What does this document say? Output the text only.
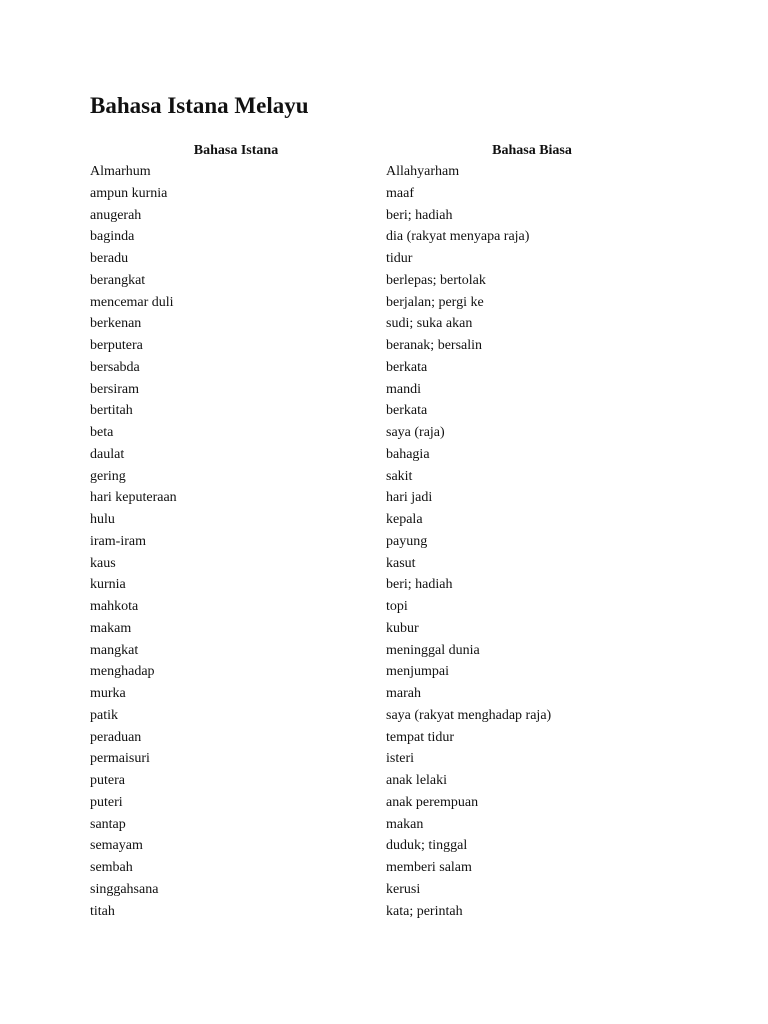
Bahasa Istana Melayu
Bahasa Istana	Bahasa Biasa
Almarhum
ampun kurnia
anugerah
baginda
beradu
berangkat
mencemar duli
berkenan
berputera
bersabda
bersiram
bertitah
beta
daulat
gering
hari keputeraan
hulu
iram-iram
kaus
kurnia
mahkota
makam
mangkat
menghadap
murka
patik
peraduan
permaisuri
putera
puteri
santap
semayam
sembah
singgahsana
titah
Allahyarham
maaf
beri; hadiah
dia (rakyat menyapa raja)
tidur
berlepas; bertolak
berjalan; pergi ke
sudi; suka akan
beranak; bersalin
berkata
mandi
berkata
saya (raja)
bahagia
sakit
hari jadi
kepala
payung
kasut
beri; hadiah
topi
kubur
meninggal dunia
menjumpai
marah
saya (rakyat menghadap raja)
tempat tidur
isteri
anak lelaki
anak perempuan
makan
duduk; tinggal
memberi salam
kerusi
kata; perintah
